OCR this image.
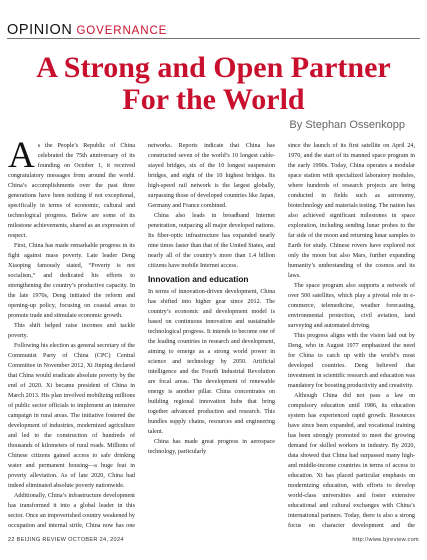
OPINION GOVERNANCE
A Strong and Open Partner
For the World
By Stephan Ossenkopp

As the People’s Republic of China celebrated the 75th anniversary of its founding on October 1, it received congratulatory messages from around the world. China’s accomplishments over the past three generations have been nothing if not exceptional, specifically in terms of economic, cultural and technological progress. Below are some of its milestone achievements, shared as an expression of respect.

First, China has made remarkable progress in its fight against mass poverty. Late leader Deng Xiaoping famously stated, “Poverty is not socialism,” and dedicated his efforts to strengthening the country’s productive capacity. In the late 1970s, Deng initiated the reform and opening-up policy, focusing on coastal areas to promote trade and stimulate economic growth.

This shift helped raise incomes and tackle poverty.

Following his election as general secretary of the Communist Party of China (CPC) Central Committee in November 2012, Xi Jinping declared that China would eradicate absolute poverty by the end of 2020. Xi became president of China in March 2013. His plan involved mobilizing millions of public sector officials to implement an intensive campaign in rural areas. The initiative fostered the development of industries, modernized agriculture and led to the construction of hundreds of thousands of kilometers of rural roads. Millions of Chinese citizens gained access to safe drinking water and permanent housing—a huge feat in poverty alleviation. As of late 2020, China had indeed eliminated absolute poverty nationwide.

Additionally, China’s infrastructure development has transformed it into a global leader in this sector. Once an impoverished country weakened by occupation and internal strife, China now has one

networks. Reports indicate that China has constructed seven of the world’s 10 longest cable-stayed bridges, six of the 10 longest suspension bridges, and eight of the 10 highest bridges. Its high-speed rail network is the largest globally, surpassing those of developed countries like Japan, Germany and France combined.

China also leads in broadband Internet penetration, outpacing all major developed nations. Its fiber-optic infrastructure has expanded nearly nine times faster than that of the United States, and nearly all of the country’s more than 1.4 billion citizens have mobile Internet access.

Innovation and education

In terms of innovation-driven development, China has shifted into higher gear since 2012. The country’s economic and development model is based on continuous innovation and sustainable technological progress. It intends to become one of the leading countries in research and development, aiming to emerge as a strong world power in science and technology by 2050. Artificial intelligence and the Fourth Industrial Revolution are focal areas. The development of renewable energy is another pillar. China concentrates on building regional innovation hubs that bring together advanced production and research. This bundles supply chains, resources and engineering talent.

China has made great progress in aerospace technology, particularly

since the launch of its first satellite on April 24, 1970, and the start of its manned space program in the early 1990s. Today, China operates a modular space station with specialized laboratory modules, where hundreds of research projects are being conducted in fields such as astronomy, biotechnology and materials testing. The nation has also achieved significant milestones in space exploration, including sending lunar probes to the far side of the moon and returning lunar samples to Earth for study. Chinese rovers have explored not only the moon but also Mars, further expanding humanity’s understanding of the cosmos and its laws.

The space program also supports a network of over 500 satellites, which play a pivotal role in e-commerce, telemedicine, weather forecasting, environmental protection, civil aviation, land surveying and automated driving.

This progress aligns with the vision laid out by Deng, who in August 1977 emphasized the need for China to catch up with the world’s most developed countries. Deng believed that investment in scientific research and education was mandatory for boosting productivity and creativity.

Although China did not pass a law on compulsory education until 1986, its education system has experienced rapid growth. Resources have since been expanded, and vocational training has been strongly promoted to meet the growing demand for skilled workers in industry. By 2020, data showed that China had surpassed many high- and middle-income countries in terms of access to education. Xi has placed particular emphasis on modernizing education, with efforts to develop world-class universities and foster extensive educational and cultural exchanges with China’s international partners. Today, there is also a strong focus on character development and the

22 BEIJING REVIEW OCTOBER 24, 2024	http://www.bjreview.com
